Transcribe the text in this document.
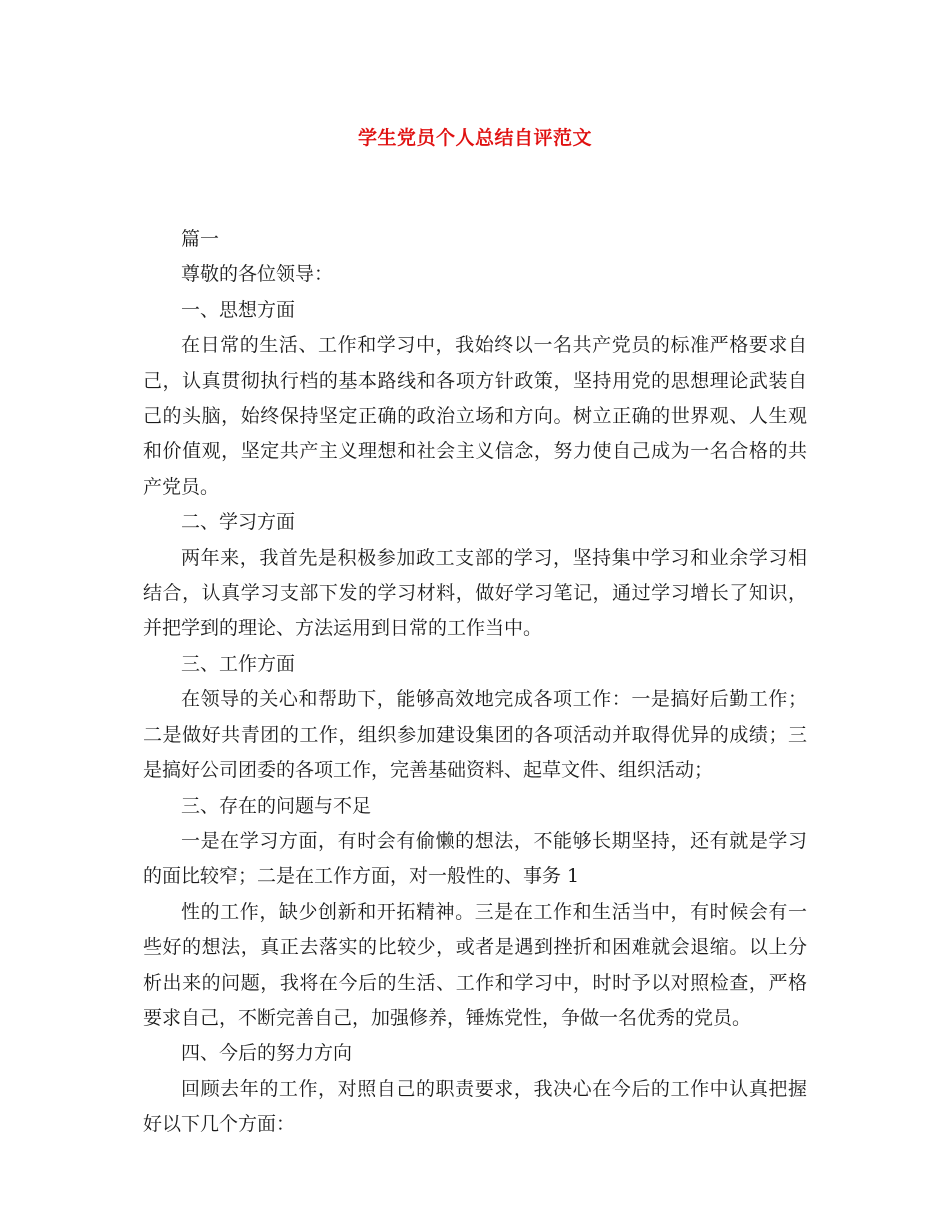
学生党员个人总结自评范文

篇一

尊敬的各位领导：

一、思想方面

在日常的生活、工作和学习中，我始终以一名共产党员的标准严格要求自己，认真贯彻执行档的基本路线和各项方针政策，坚持用党的思想理论武装自己的头脑，始终保持坚定正确的政治立场和方向。树立正确的世界观、人生观和价值观，坚定共产主义理想和社会主义信念，努力使自己成为一名合格的共产党员。

二、学习方面

两年来，我首先是积极参加政工支部的学习，坚持集中学习和业余学习相结合，认真学习支部下发的学习材料，做好学习笔记，通过学习增长了知识，并把学到的理论、方法运用到日常的工作当中。

三、工作方面

在领导的关心和帮助下，能够高效地完成各项工作：一是搞好后勤工作；二是做好共青团的工作，组织参加建设集团的各项活动并取得优异的成绩；三是搞好公司团委的各项工作，完善基础资料、起草文件、组织活动；

三、存在的问题与不足

一是在学习方面，有时会有偷懒的想法，不能够长期坚持，还有就是学习的面比较窄；二是在工作方面，对一般性的、事务 1

性的工作，缺少创新和开拓精神。三是在工作和生活当中，有时候会有一些好的想法，真正去落实的比较少，或者是遇到挫折和困难就会退缩。以上分析出来的问题，我将在今后的生活、工作和学习中，时时予以对照检查，严格要求自己，不断完善自己，加强修养，锤炼党性，争做一名优秀的党员。

四、今后的努力方向

回顾去年的工作，对照自己的职责要求，我决心在今后的工作中认真把握好以下几个方面：
